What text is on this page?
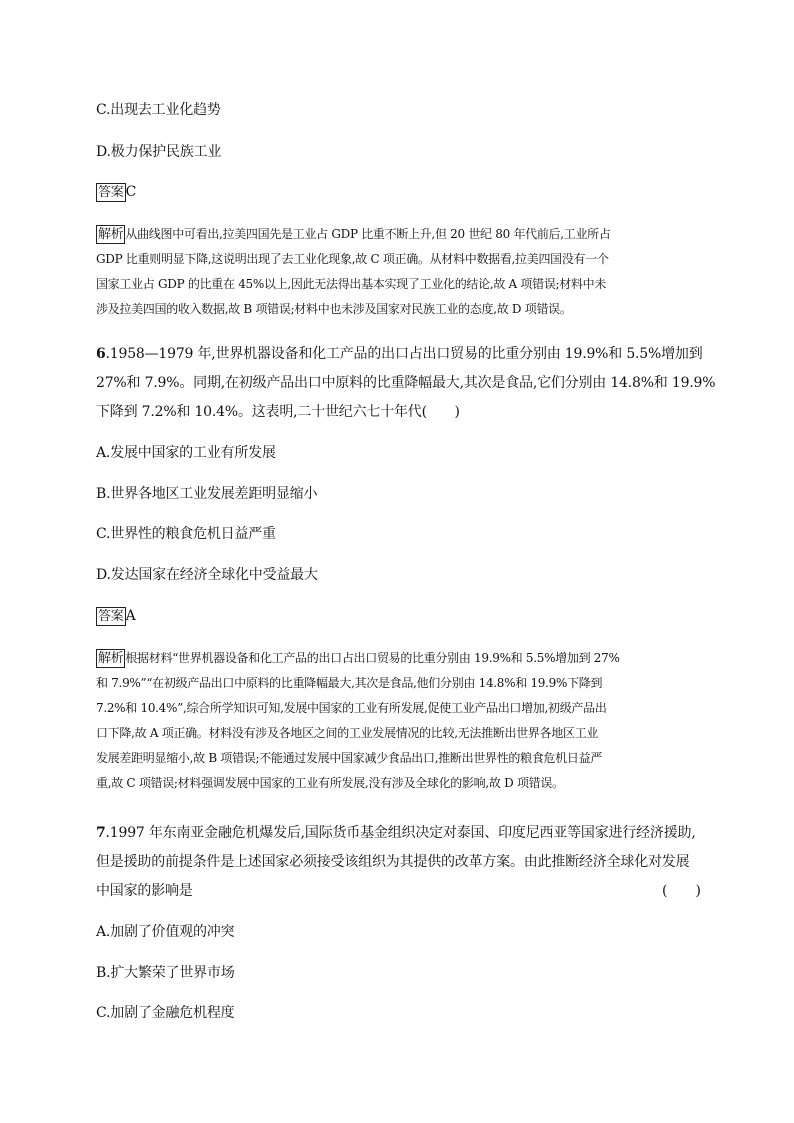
C.出现去工业化趋势
D.极力保护民族工业
答案 C
解析 从曲线图中可看出,拉美四国先是工业占 GDP 比重不断上升,但 20 世纪 80 年代前后,工业所占
GDP 比重则明显下降,这说明出现了去工业化现象,故 C 项正确。从材料中数据看,拉美四国没有一个
国家工业占 GDP 的比重在 45%以上,因此无法得出基本实现了工业化的结论,故 A 项错误;材料中未
涉及拉美四国的收入数据,故 B 项错误;材料中也未涉及国家对民族工业的态度,故 D 项错误。
6.1958—1979 年,世界机器设备和化工产品的出口占出口贸易的比重分别由 19.9%和 5.5%增加到
27%和 7.9%。同期,在初级产品出口中原料的比重降幅最大,其次是食品,它们分别由 14.8%和 19.9%
下降到 7.2%和 10.4%。这表明,二十世纪六七十年代(　　)
A.发展中国家的工业有所发展
B.世界各地区工业发展差距明显缩小
C.世界性的粮食危机日益严重
D.发达国家在经济全球化中受益最大
答案 A
解析 根据材料“世界机器设备和化工产品的出口占出口贸易的比重分别由 19.9%和 5.5%增加到 27%
和 7.9%”“在初级产品出口中原料的比重降幅最大,其次是食品,他们分别由 14.8%和 19.9%下降到
7.2%和 10.4%”,综合所学知识可知,发展中国家的工业有所发展,促使工业产品出口增加,初级产品出
口下降,故 A 项正确。材料没有涉及各地区之间的工业发展情况的比较,无法推断出世界各地区工业
发展差距明显缩小,故 B 项错误;不能通过发展中国家减少食品出口,推断出世界性的粮食危机日益严
重,故 C 项错误;材料强调发展中国家的工业有所发展,没有涉及全球化的影响,故 D 项错误。
7.1997 年东南亚金融危机爆发后,国际货币基金组织决定对泰国、印度尼西亚等国家进行经济援助,
但是援助的前提条件是上述国家必须接受该组织为其提供的改革方案。由此推断经济全球化对发展
中国家的影响是	(　　)
A.加剧了价值观的冲突
B.扩大繁荣了世界市场
C.加剧了金融危机程度
